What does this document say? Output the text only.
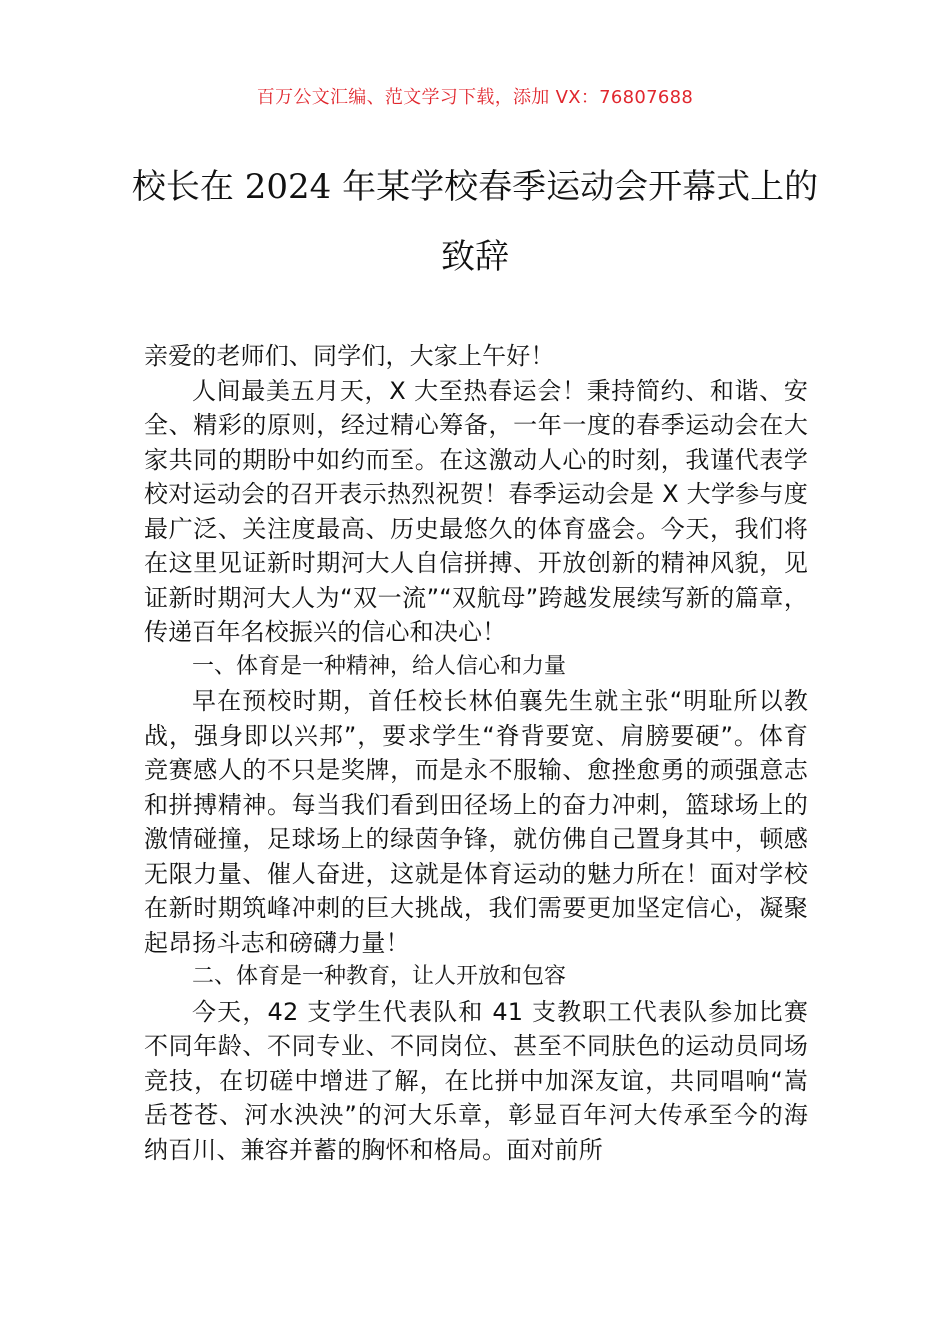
百万公文汇编、范文学习下载，添加 VX：76807688
校长在 2024 年某学校春季运动会开幕式上的致辞

亲爱的老师们、同学们，大家上午好！

人间最美五月天，X 大至热春运会！秉持简约、和谐、安全、精彩的原则，经过精心筹备，一年一度的春季运动会在大家共同的期盼中如约而至。在这激动人心的时刻，我谨代表学校对运动会的召开表示热烈祝贺！春季运动会是 X 大学参与度最广泛、关注度最高、历史最悠久的体育盛会。今天，我们将在这里见证新时期河大人自信拼搏、开放创新的精神风貌，见证新时期河大人为“双一流”“双航母”跨越发展续写新的篇章，传递百年名校振兴的信心和决心！

一、体育是一种精神，给人信心和力量

早在预校时期，首任校长林伯襄先生就主张“明耻所以教战，强身即以兴邦”，要求学生“脊背要宽、肩膀要硬”。体育竞赛感人的不只是奖牌，而是永不服输、愈挫愈勇的顽强意志和拼搏精神。每当我们看到田径场上的奋力冲刺，篮球场上的激情碰撞，足球场上的绿茵争锋，就仿佛自己置身其中，顿感无限力量、催人奋进，这就是体育运动的魅力所在！面对学校在新时期筑峰冲刺的巨大挑战，我们需要更加坚定信心，凝聚起昂扬斗志和磅礴力量！

二、体育是一种教育，让人开放和包容

今天，42 支学生代表队和 41 支教职工代表队参加比赛不同年龄、不同专业、不同岗位、甚至不同肤色的运动员同场竞技，在切磋中增进了解，在比拼中加深友谊，共同唱响“嵩岳苍苍、河水泱泱”的河大乐章，彰显百年河大传承至今的海纳百川、兼容并蓄的胸怀和格局。面对前所
